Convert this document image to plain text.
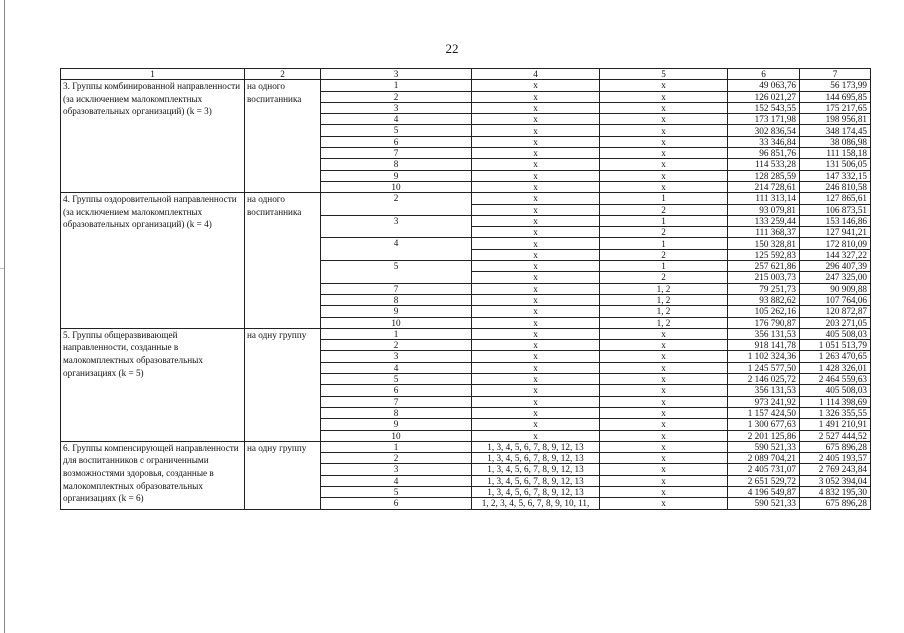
22
1	2	3	4	5	6	7
3. Группы комбинированной направленности (за исключением малокомплектных образовательных организаций) (k = 3)	на одного воспитанника	1	x	x	49 063,76	56 173,99
		2	x	x	126 021,27	144 695,85
		3	x	x	152 543,55	175 217,65
		4	x	x	173 171,98	198 956,81
		5	x	x	302 836,54	348 174,45
		6	x	x	33 346,84	38 086,98
		7	x	x	96 851,76	111 158,18
		8	x	x	114 533,28	131 506,05
		9	x	x	128 285,59	147 332,15
		10	x	x	214 728,61	246 810,58
4. Группы оздоровительной направленности (за исключением малокомплектных образовательных организаций) (k = 4)	на одного воспитанника	2	x	1	111 313,14	127 865,61
			x	2	93 079,81	106 873,51
		3	x	1	133 259,44	153 146,86
			x	2	111 368,37	127 941,21
		4	x	1	150 328,81	172 810,09
			x	2	125 592,83	144 327,22
		5	x	1	257 621,86	296 407,39
			x	2	215 003,73	247 325,00
		7	x	1, 2	79 251,73	90 909,88
		8	x	1, 2	93 882,62	107 764,06
		9	x	1, 2	105 262,16	120 872,87
		10	x	1, 2	176 790,87	203 271,05
5. Группы общеразвивающей направленности, созданные в малокомплектных образовательных организациях (k = 5)	на одну группу	1	x	x	356 131,53	405 508,03
		2	x	x	918 141,78	1 051 513,79
		3	x	x	1 102 324,36	1 263 470,65
		4	x	x	1 245 577,50	1 428 326,01
		5	x	x	2 146 025,72	2 464 559,63
		6	x	x	356 131,53	405 508,03
		7	x	x	973 241,92	1 114 398,69
		8	x	x	1 157 424,50	1 326 355,55
		9	x	x	1 300 677,63	1 491 210,91
		10	x	x	2 201 125,86	2 527 444,52
6. Группы компенсирующей направленности для воспитанников с ограниченными возможностями здоровья, созданные в малокомплектных образовательных организациях (k = 6)	на одну группу	1	1, 3, 4, 5, 6, 7, 8, 9, 12, 13	x	590 521,33	675 896,28
		2	1, 3, 4, 5, 6, 7, 8, 9, 12, 13	x	2 089 704,21	2 405 193,57
		3	1, 3, 4, 5, 6, 7, 8, 9, 12, 13	x	2 405 731,07	2 769 243,84
		4	1, 3, 4, 5, 6, 7, 8, 9, 12, 13	x	2 651 529,72	3 052 394,04
		5	1, 3, 4, 5, 6, 7, 8, 9, 12, 13	x	4 196 549,87	4 832 195,30
		6	1, 2, 3, 4, 5, 6, 7, 8, 9, 10, 11,	x	590 521,33	675 896,28
